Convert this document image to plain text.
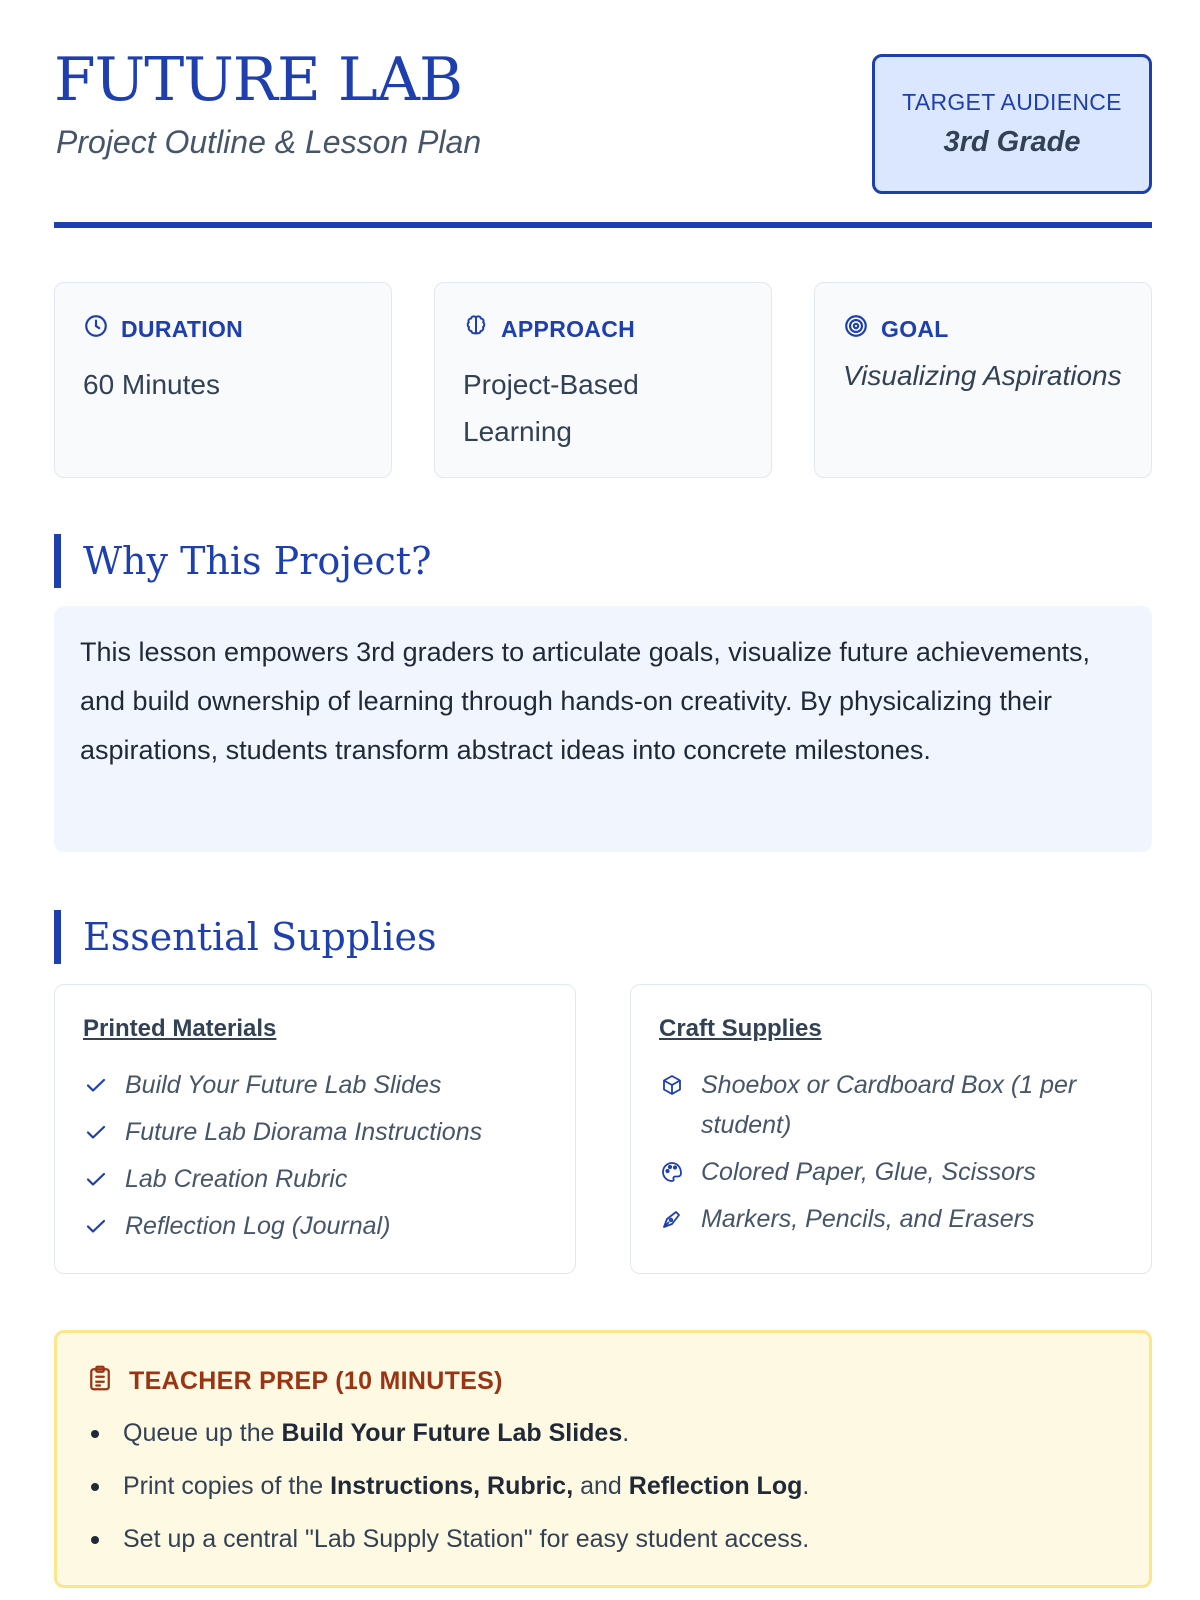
FUTURE LAB
Project Outline & Lesson Plan
TARGET AUDIENCE
3rd Grade
DURATION
60 Minutes
APPROACH
Project-Based Learning
GOAL
Visualizing Aspirations
Why This Project?
This lesson empowers 3rd graders to articulate goals, visualize future achievements, and build ownership of learning through hands-on creativity. By physicalizing their aspirations, students transform abstract ideas into concrete milestones.
Essential Supplies
Printed Materials
Build Your Future Lab Slides
Future Lab Diorama Instructions
Lab Creation Rubric
Reflection Log (Journal)
Craft Supplies
Shoebox or Cardboard Box (1 per student)
Colored Paper, Glue, Scissors
Markers, Pencils, and Erasers
TEACHER PREP (10 MINUTES)
Queue up the Build Your Future Lab Slides.
Print copies of the Instructions, Rubric, and Reflection Log.
Set up a central "Lab Supply Station" for easy student access.
